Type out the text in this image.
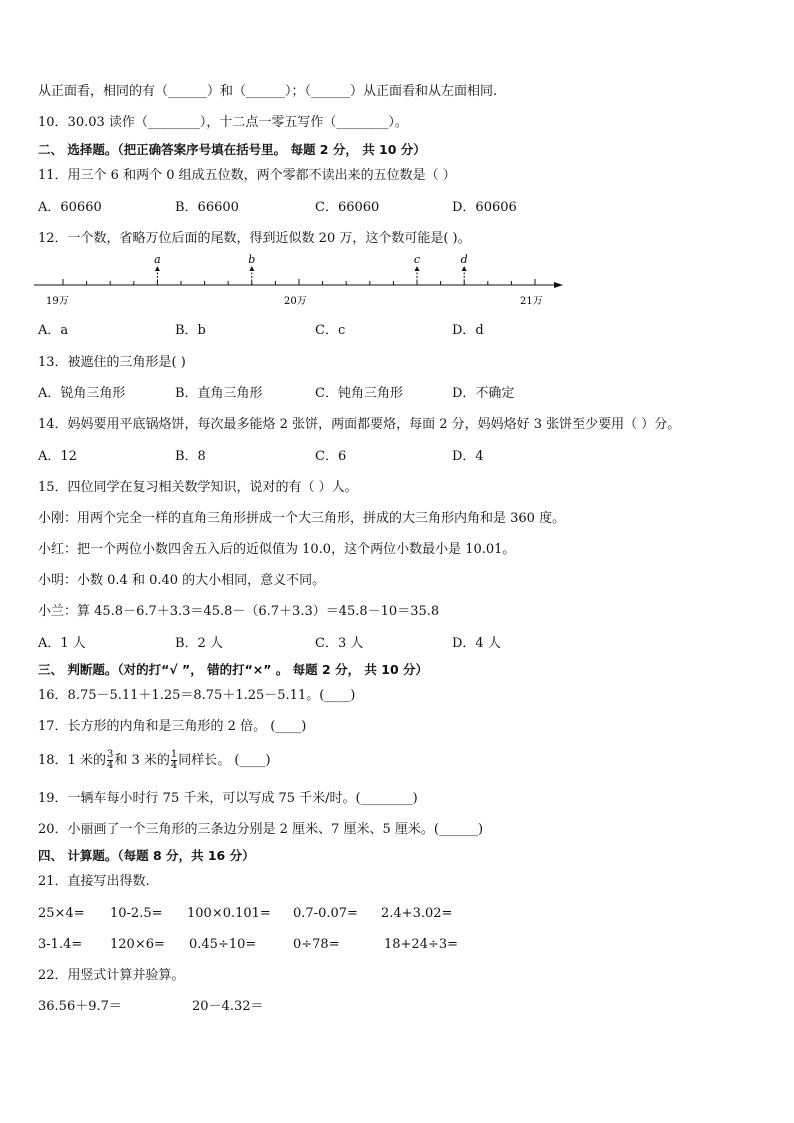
从正面看，相同的有（______）和（______）；（______）从正面看和从左面相同.
10．30.03 读作（________），十二点一零五写作（________）。
二、 选择题。（把正确答案序号填在括号里。 每题 2 分， 共 10 分）
11．用三个 6 和两个 0 组成五位数，两个零都不读出来的五位数是（ ）
A．60660	B．66600	C．66060	D．60606
12．一个数，省略万位后面的尾数，得到近似数 20 万，这个数可能是( )。
a	b	c	d
19万	20万	21万
A．a	B．b	C．c	D．d
13．被遮住的三角形是( )
A．锐角三角形	B．直角三角形	C．钝角三角形	D．不确定
14．妈妈要用平底锅烙饼，每次最多能烙 2 张饼，两面都要烙，每面 2 分，妈妈烙好 3 张饼至少要用（ ）分。
A．12	B．8	C．6	D．4
15．四位同学在复习相关数学知识，说对的有（ ）人。
小刚：用两个完全一样的直角三角形拼成一个大三角形，拼成的大三角形内角和是 360 度。
小红：把一个两位小数四舍五入后的近似值为 10.0，这个两位小数最小是 10.01。
小明：小数 0.4 和 0.40 的大小相同，意义不同。
小兰：算 45.8－6.7＋3.3＝45.8－（6.7＋3.3）＝45.8－10＝35.8
A．1 人	B．2 人	C．3 人	D．4 人
三、 判断题。（对的打“√ ”， 错的打“×” 。 每题 2 分， 共 10 分）
16．8.75－5.11＋1.25＝8.75＋1.25－5.11。(____)
17．长方形的内角和是三角形的 2 倍。 (____)
18．1 米的 $\frac{3}{4}$ 和 3 米的 $\frac{1}{4}$ 同样长。 (____)
19．一辆车每小时行 75 千米，可以写成 75 千米/时。(________)
20．小丽画了一个三角形的三条边分别是 2 厘米、7 厘米、5 厘米。(______)
四、 计算题。（每题 8 分，共 16 分）
21．直接写出得数.
25×4= 10-2.5= 100×0.101= 0.7-0.07= 2.4+3.02=
3-1.4= 120×6= 0.45÷10=	0÷78=	18+24÷3=
22．用竖式计算并验算。
36.56＋9.7＝	20－4.32＝
